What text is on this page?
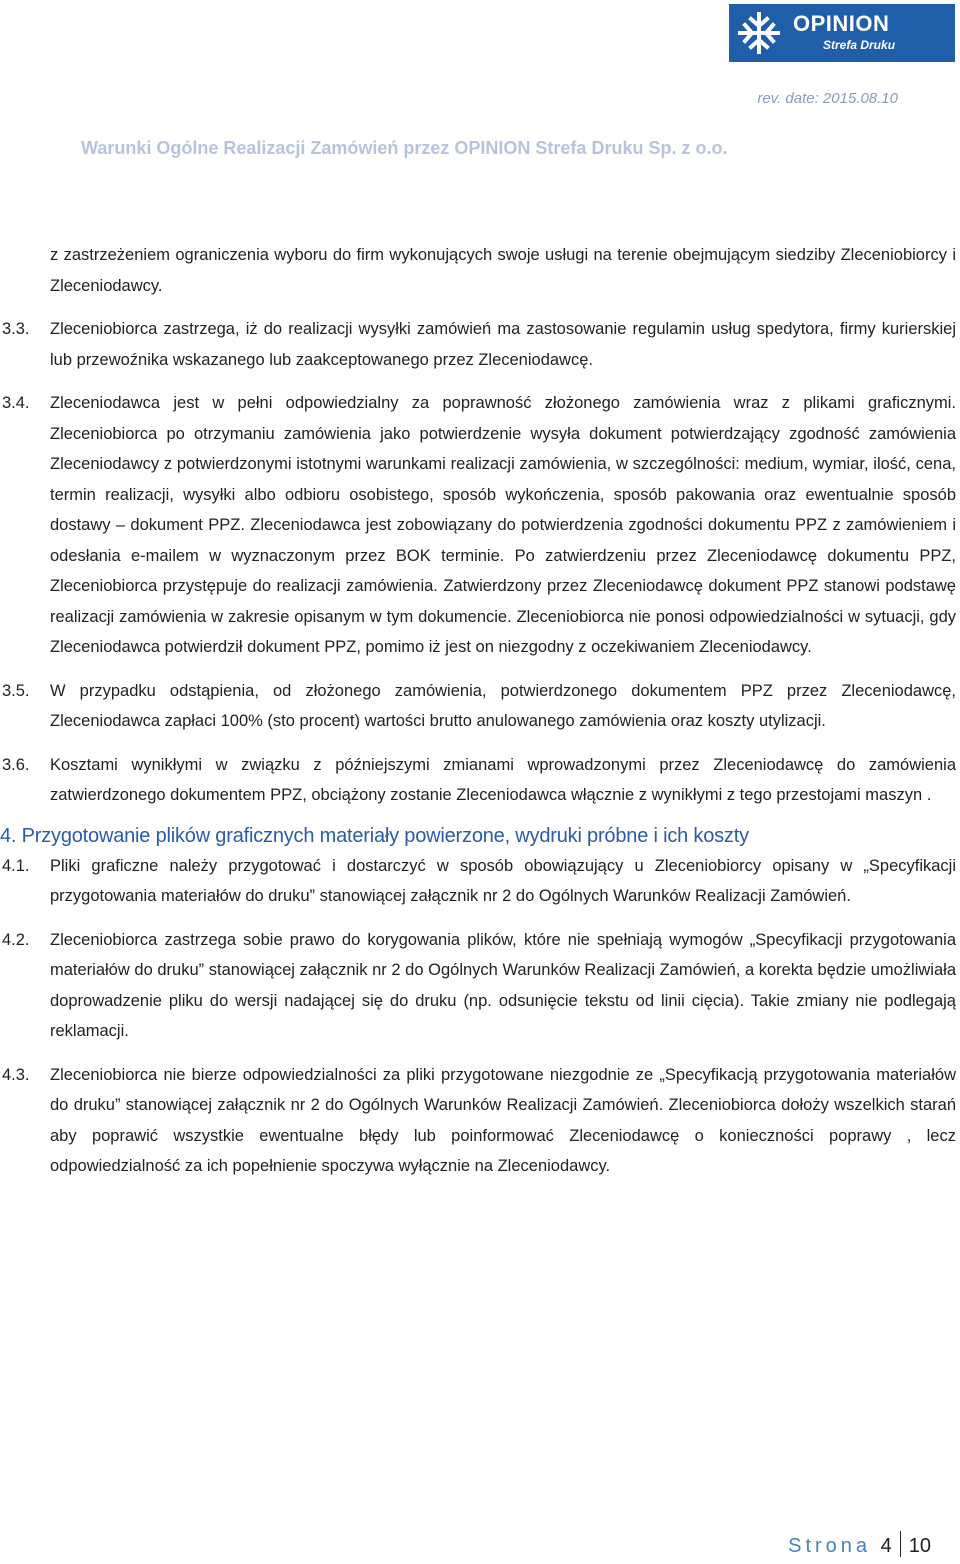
OPINION
Strefa Druku
rev. date: 2015.08.10
Warunki Ogólne Realizacji Zamówień przez OPINION Strefa Druku Sp. z o.o.

z zastrzeżeniem ograniczenia wyboru do firm wykonujących swoje usługi na terenie obejmującym siedziby Zleceniobiorcy i Zleceniodawcy.

3.3. Zleceniobiorca zastrzega, iż do realizacji wysyłki zamówień ma zastosowanie regulamin usług spedytora, firmy kurierskiej lub przewoźnika wskazanego lub zaakceptowanego przez Zleceniodawcę.

3.4. Zleceniodawca jest w pełni odpowiedzialny za poprawność złożonego zamówienia wraz z plikami graficznymi. Zleceniobiorca po otrzymaniu zamówienia jako potwierdzenie wysyła dokument potwierdzający zgodność zamówienia Zleceniodawcy z potwierdzonymi istotnymi warunkami realizacji zamówienia, w szczególności: medium, wymiar, ilość, cena, termin realizacji, wysyłki albo odbioru osobistego, sposób wykończenia, sposób pakowania oraz ewentualnie sposób dostawy – dokument PPZ. Zleceniodawca jest zobowiązany do potwierdzenia zgodności dokumentu PPZ z zamówieniem i odesłania e-mailem w wyznaczonym przez BOK terminie. Po zatwierdzeniu przez Zleceniodawcę dokumentu PPZ, Zleceniobiorca przystępuje do realizacji zamówienia. Zatwierdzony przez Zleceniodawcę dokument PPZ stanowi podstawę realizacji zamówienia w zakresie opisanym w tym dokumencie. Zleceniobiorca nie ponosi odpowiedzialności w sytuacji, gdy Zleceniodawca potwierdził dokument PPZ, pomimo iż jest on niezgodny z oczekiwaniem Zleceniodawcy.

3.5. W przypadku odstąpienia, od złożonego zamówienia, potwierdzonego dokumentem PPZ przez Zleceniodawcę, Zleceniodawca zapłaci 100% (sto procent) wartości brutto anulowanego zamówienia oraz koszty utylizacji.

3.6. Kosztami wynikłymi w związku z późniejszymi zmianami wprowadzonymi przez Zleceniodawcę do zamówienia zatwierdzonego dokumentem PPZ, obciążony zostanie Zleceniodawca włącznie z wynikłymi z tego przestojami maszyn .

4. Przygotowanie plików graficznych materiały powierzone, wydruki próbne i ich koszty
4.1. Pliki graficzne należy przygotować i dostarczyć w sposób obowiązujący u Zleceniobiorcy opisany w „Specyfikacji przygotowania materiałów do druku” stanowiącej załącznik nr 2 do Ogólnych Warunków Realizacji Zamówień.

4.2. Zleceniobiorca zastrzega sobie prawo do korygowania plików, które nie spełniają wymogów „Specyfikacji przygotowania materiałów do druku” stanowiącej załącznik nr 2 do Ogólnych Warunków Realizacji Zamówień, a korekta będzie umożliwiała doprowadzenie pliku do wersji nadającej się do druku (np. odsunięcie tekstu od linii cięcia). Takie zmiany nie podlegają reklamacji.

4.3. Zleceniobiorca nie bierze odpowiedzialności za pliki przygotowane niezgodnie ze „Specyfikacją przygotowania materiałów do druku” stanowiącej załącznik nr 2 do Ogólnych Warunków Realizacji Zamówień. Zleceniobiorca dołoży wszelkich starań aby poprawić wszystkie ewentualne błędy lub poinformować Zleceniodawcę o konieczności poprawy , lecz odpowiedzialność za ich popełnienie spoczywa wyłącznie na Zleceniodawcy.

Strona 4 10
